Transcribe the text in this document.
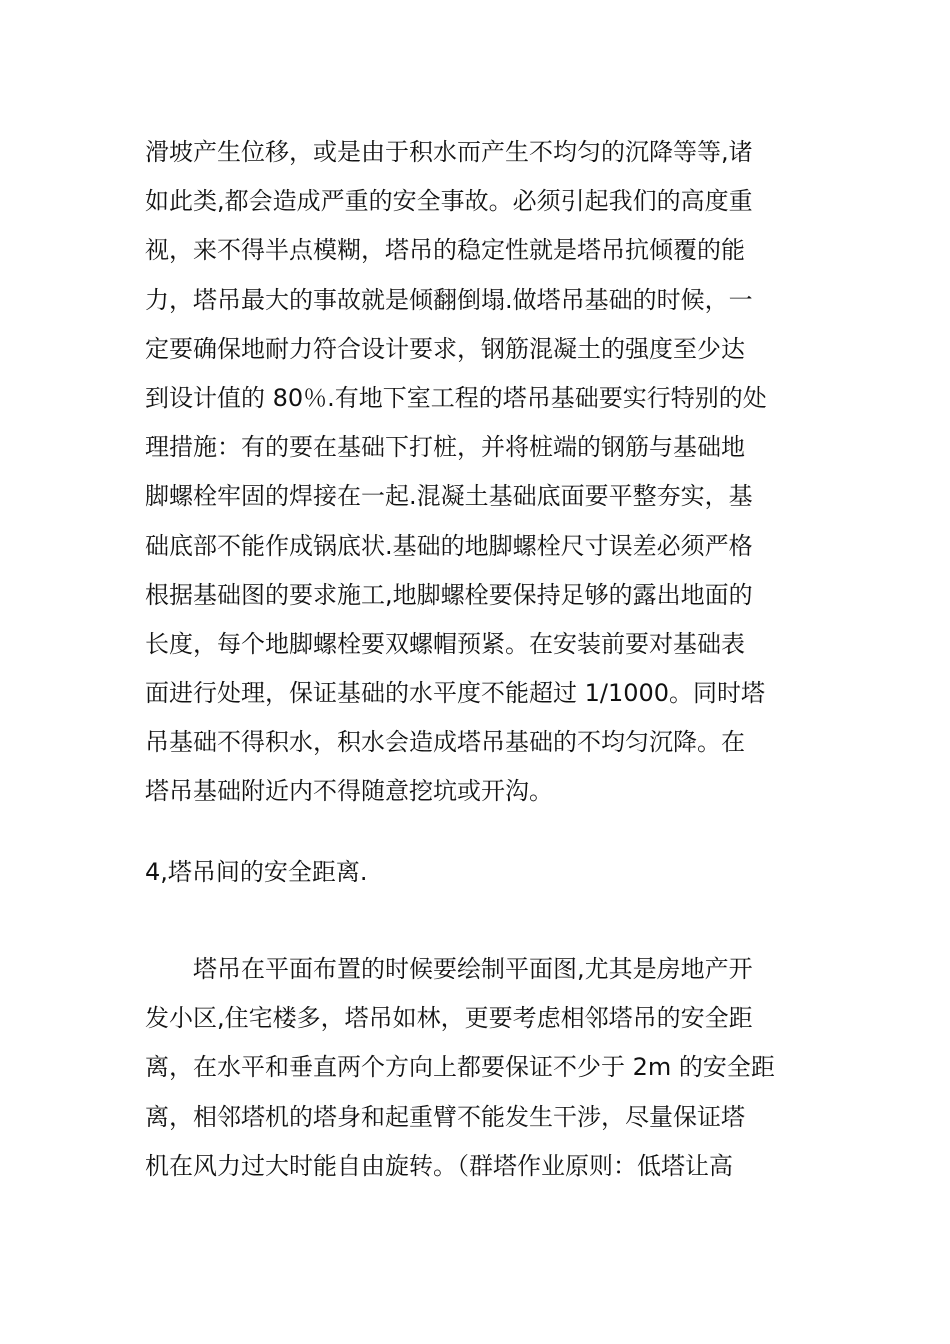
滑坡产生位移，或是由于积水而产生不均匀的沉降等等,诸
如此类,都会造成严重的安全事故。必须引起我们的高度重
视，来不得半点模糊，塔吊的稳定性就是塔吊抗倾覆的能
力，塔吊最大的事故就是倾翻倒塌.做塔吊基础的时候，一
定要确保地耐力符合设计要求，钢筋混凝土的强度至少达
到设计值的 80％.有地下室工程的塔吊基础要实行特别的处
理措施：有的要在基础下打桩，并将桩端的钢筋与基础地
脚螺栓牢固的焊接在一起.混凝土基础底面要平整夯实，基
础底部不能作成锅底状.基础的地脚螺栓尺寸误差必须严格
根据基础图的要求施工,地脚螺栓要保持足够的露出地面的
长度，每个地脚螺栓要双螺帽预紧。在安装前要对基础表
面进行处理，保证基础的水平度不能超过 1/1000。同时塔
吊基础不得积水，积水会造成塔吊基础的不均匀沉降。在
塔吊基础附近内不得随意挖坑或开沟。
4,塔吊间的安全距离.
塔吊在平面布置的时候要绘制平面图,尤其是房地产开
发小区,住宅楼多，塔吊如林，更要考虑相邻塔吊的安全距
离，在水平和垂直两个方向上都要保证不少于 2m 的安全距
离，相邻塔机的塔身和起重臂不能发生干涉，尽量保证塔
机在风力过大时能自由旋转。（群塔作业原则：低塔让高
